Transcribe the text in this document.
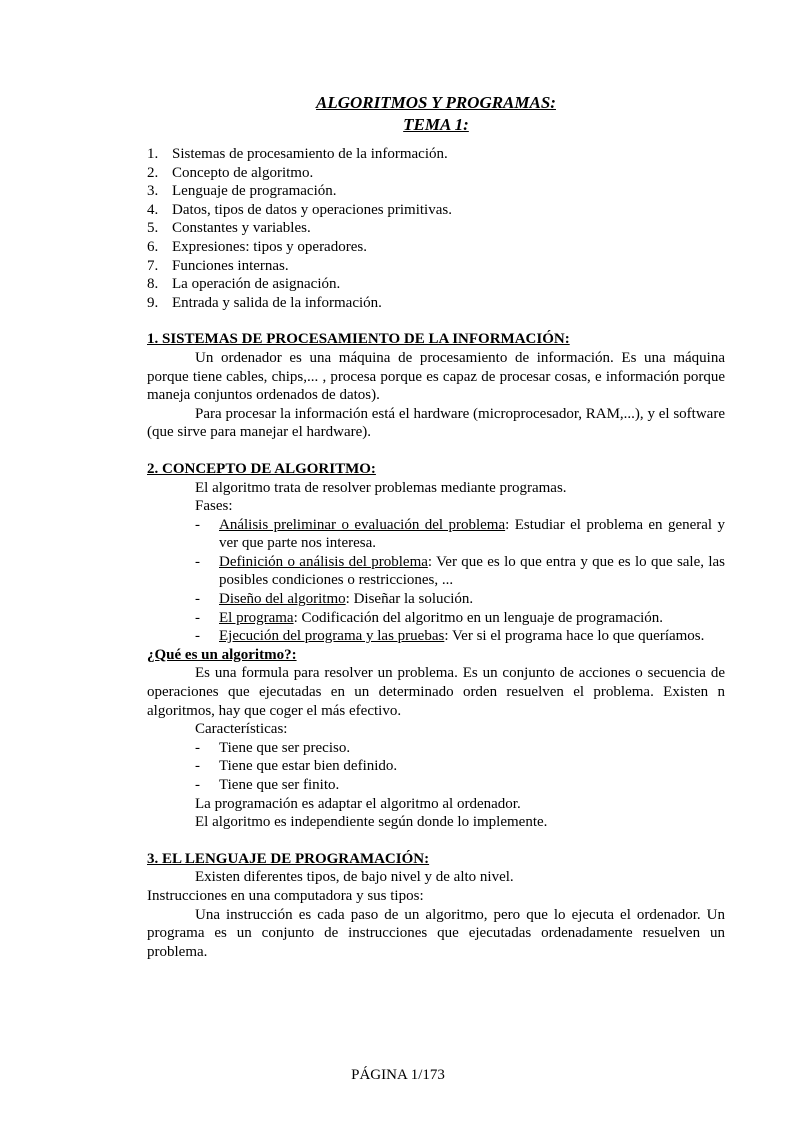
ALGORITMOS Y PROGRAMAS:
TEMA 1:
1. Sistemas de procesamiento de la información.
2. Concepto de algoritmo.
3. Lenguaje de programación.
4. Datos, tipos de datos y operaciones primitivas.
5. Constantes y variables.
6. Expresiones: tipos y operadores.
7. Funciones internas.
8. La operación de asignación.
9. Entrada y salida de la información.
1. SISTEMAS DE PROCESAMIENTO DE LA INFORMACIÓN:

Un ordenador es una máquina de procesamiento de información. Es una máquina porque tiene cables, chips,... , procesa porque es capaz de procesar cosas, e información porque maneja conjuntos ordenados de datos).

Para procesar la información está el hardware (microprocesador, RAM,...), y el software (que sirve para manejar el hardware).

2. CONCEPTO DE ALGORITMO:

El algoritmo trata de resolver problemas mediante programas.

Fases:

-	Análisis preliminar o evaluación del problema: Estudiar el problema en general y ver que parte nos interesa.
-	Definición o análisis del problema: Ver que es lo que entra y que es lo que sale, las posibles condiciones o restricciones, ...
-	Diseño del algoritmo: Diseñar la solución.
-	El programa: Codificación del algoritmo en un lenguaje de programación.
-	Ejecución del programa y las pruebas: Ver si el programa hace lo que queríamos.
¿Qué es un algoritmo?:

Es una formula para resolver un problema. Es un conjunto de acciones o secuencia de operaciones que ejecutadas en un determinado orden resuelven el problema. Existen n algoritmos, hay que coger el más efectivo.

Características:

-	Tiene que ser preciso.
-	Tiene que estar bien definido.
-	Tiene que ser finito.

La programación es adaptar el algoritmo al ordenador.

El algoritmo es independiente según donde lo implemente.

3. EL LENGUAJE DE PROGRAMACIÓN:

Existen diferentes tipos, de bajo nivel y de alto nivel.

Instrucciones en una computadora y sus tipos:

Una instrucción es cada paso de un algoritmo, pero que lo ejecuta el ordenador. Un programa es un conjunto de instrucciones que ejecutadas ordenadamente resuelven un problema.

PÁGINA 1/173
